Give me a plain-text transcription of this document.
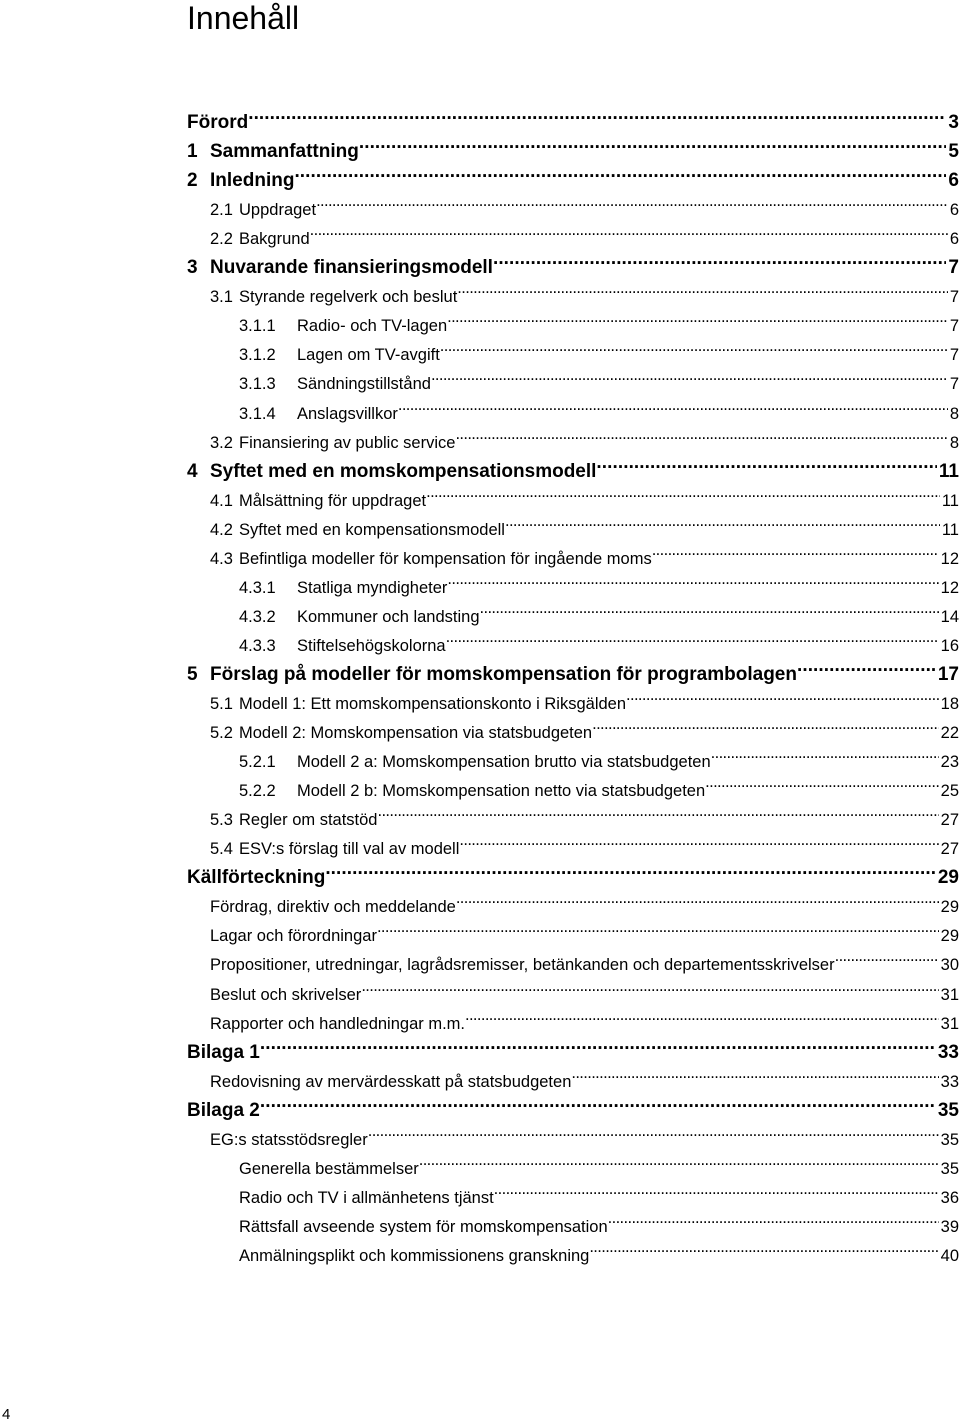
Innehåll
Förord . . .	3
1 Sammanfattning . . .	5
2 Inledning . . .	6
2.1 Uppdraget . . .	6
2.2 Bakgrund . . .	6
3 Nuvarande finansieringsmodell . . .	7
3.1 Styrande regelverk och beslut . . .	7
3.1.1	Radio- och TV-lagen . . .	7
3.1.2	Lagen om TV-avgift . . .	7
3.1.3	Sändningstillstånd . . .	7
3.1.4	Anslagsvillkor . . .	8
3.2 Finansiering av public service . . .	8
4 Syftet med en momskompensationsmodell . . .	11
4.1 Målsättning för uppdraget . . .	11
4.2 Syftet med en kompensationsmodell . . .	11
4.3 Befintliga modeller för kompensation för ingående moms . . .	12
4.3.1	Statliga myndigheter . . .	12
4.3.2	Kommuner och landsting . . .	14
4.3.3	Stiftelsehögskolorna . . .	16
5 Förslag på modeller för momskompensation för programbolagen . . .	17
5.1 Modell 1: Ett momskompensationskonto i Riksgälden . . .	18
5.2 Modell 2: Momskompensation via statsbudgeten . . .	22
5.2.1	Modell 2 a: Momskompensation brutto via statsbudgeten . . .	23
5.2.2	Modell 2 b: Momskompensation netto via statsbudgeten . . .	25
5.3 Regler om statstöd . . .	27
5.4 ESV:s förslag till val av modell . . .	27
Källförteckning . . .	29
Fördrag, direktiv och meddelande . . .	29
Lagar och förordningar . . .	29
Propositioner, utredningar, lagrådsremisser, betänkanden och departementsskrivelser . . .	30
Beslut och skrivelser . . .	31
Rapporter och handledningar m.m. . . .	31
Bilaga 1 . . .	33
Redovisning av mervärdesskatt på statsbudgeten . . .	33
Bilaga 2 . . .	35
EG:s statsstödsregler . . .	35
Generella bestämmelser . . .	35
Radio och TV i allmänhetens tjänst . . .	36
Rättsfall avseende system för momskompensation . . .	39
Anmälningsplikt och kommissionens granskning . . .	40
4
